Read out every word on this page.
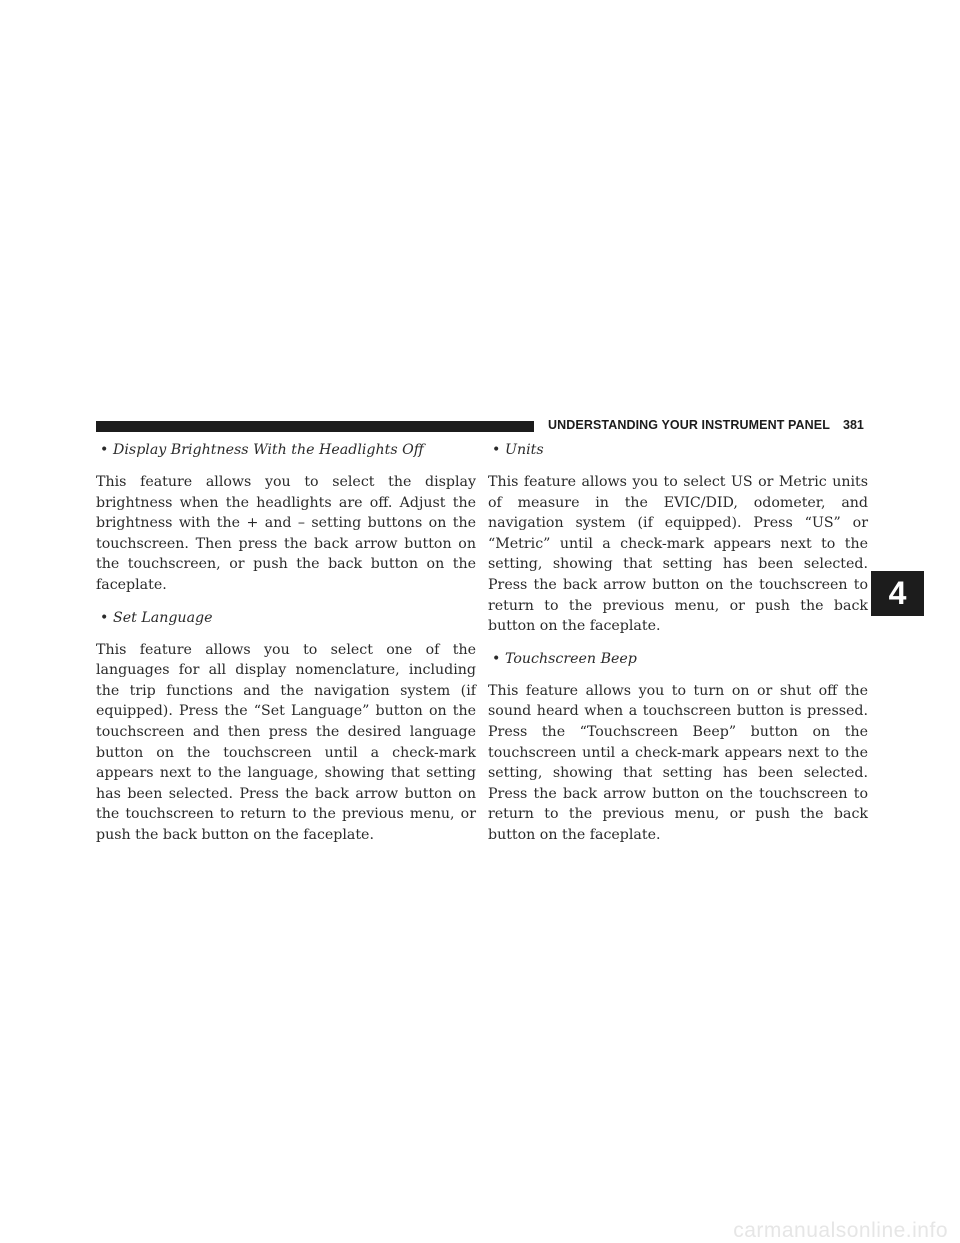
UNDERSTANDING YOUR INSTRUMENT PANEL 381
4
• Display Brightness With the Headlights Off

This feature allows you to select the display brightness when the headlights are off. Adjust the brightness with the + and – setting buttons on the touchscreen. Then press the back arrow button on the touchscreen, or push the back button on the faceplate.

• Set Language

This feature allows you to select one of the languages for all display nomenclature, including the trip functions and the navigation system (if equipped). Press the “Set Language” button on the touchscreen and then press the desired language button on the touchscreen until a check-mark appears next to the language, showing that setting has been selected. Press the back arrow button on the touchscreen to return to the previous menu, or push the back button on the faceplate.

• Units

This feature allows you to select US or Metric units of measure in the EVIC/DID, odometer, and navigation system (if equipped). Press “US” or “Metric” until a check-mark appears next to the setting, showing that setting has been selected. Press the back arrow button on the touchscreen to return to the previous menu, or push the back button on the faceplate.

• Touchscreen Beep

This feature allows you to turn on or shut off the sound heard when a touchscreen button is pressed. Press the “Touchscreen Beep” button on the touchscreen until a check-mark appears next to the setting, showing that setting has been selected. Press the back arrow button on the touchscreen to return to the previous menu, or push the back button on the faceplate.

carmanualsonline.info
